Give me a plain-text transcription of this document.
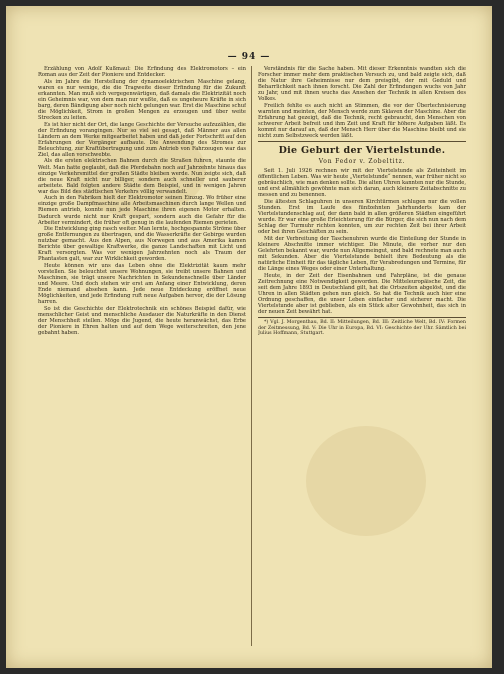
— 94 —

Erzählung von Adolf Kußmaul: Die Erfindung des Elektromotors – ein Roman aus der Zeit der Pioniere und Entdecker.

Als im Jahre die Herstellung der dynamoelektrischen Maschine gelang, waren es nur wenige, die die Tragweite dieser Erfindung für die Zukunft erkannten. Man muß sich vergegenwärtigen, daß damals die Elektrizität noch ein Geheimnis war, von dem man nur wußte, daß es ungeheure Kräfte in sich barg, deren Bändigung aber noch nicht gelungen war. Erst die Maschine schuf die Möglichkeit, Strom in großen Mengen zu erzeugen und über weite Strecken zu leiten.

Es ist hier nicht der Ort, die lange Geschichte der Versuche aufzuzählen, die der Erfindung vorangingen. Nur so viel sei gesagt, daß Männer aus allen Ländern an dem Werke mitgearbeitet haben und daß jeder Fortschritt auf den Erfahrungen der Vorgänger aufbaute. Die Anwendung des Stromes zur Beleuchtung, zur Kraftübertragung und zum Antrieb von Fahrzeugen war das Ziel, das allen vorschwebte.

Als die ersten elektrischen Bahnen durch die Straßen fuhren, staunte die Welt. Man hatte geglaubt, daß die Pferdebahn noch auf Jahrzehnte hinaus das einzige Verkehrsmittel der großen Städte bleiben werde. Nun zeigte sich, daß die neue Kraft nicht nur billiger, sondern auch schneller und sauberer arbeitete. Bald folgten andere Städte dem Beispiel, und in wenigen Jahren war das Bild des städtischen Verkehrs völlig verwandelt.

Auch in den Fabriken hielt der Elektromotor seinen Einzug. Wo früher eine einzige große Dampfmaschine alle Arbeitsmaschinen durch lange Wellen und Riemen antrieb, konnte nun jede Maschine ihren eigenen Motor erhalten. Dadurch wurde nicht nur Kraft gespart, sondern auch die Gefahr für die Arbeiter vermindert, die früher oft genug in die laufenden Riemen gerieten.

Die Entwicklung ging rasch weiter. Man lernte, hochgespannte Ströme über große Entfernungen zu übertragen, und die Wasserkräfte der Gebirge wurden nutzbar gemacht. Aus den Alpen, aus Norwegen und aus Amerika kamen Berichte über gewaltige Kraftwerke, die ganze Landschaften mit Licht und Kraft versorgten. Was vor wenigen Jahrzehnten noch als Traum der Phantasten galt, war zur Wirklichkeit geworden.

Heute können wir uns das Leben ohne die Elektrizität kaum mehr vorstellen. Sie beleuchtet unsere Wohnungen, sie treibt unsere Bahnen und Maschinen, sie trägt unsere Nachrichten in Sekundenschnelle über Länder und Meere. Und doch stehen wir erst am Anfang einer Entwicklung, deren Ende niemand absehen kann. Jede neue Entdeckung eröffnet neue Möglichkeiten, und jede Erfindung ruft neue Aufgaben hervor, die der Lösung harren.

So ist die Geschichte der Elektrotechnik ein schönes Beispiel dafür, wie menschlicher Geist und menschliche Ausdauer die Naturkräfte in den Dienst der Menschheit stellen. Möge die Jugend, die heute heranwächst, das Erbe der Pioniere in Ehren halten und auf dem Wege weiterschreiten, den jene gebahnt haben.

Verständnis für die Sache haben. Mit dieser Erkenntnis wandten sich die Forscher immer mehr dem praktischen Versuch zu, und bald zeigte sich, daß die Natur ihre Geheimnisse nur dem preisgibt, der mit Geduld und Beharrlichkeit nach ihnen forscht. Die Zahl der Erfindungen wuchs von Jahr zu Jahr, und mit ihnen wuchs das Ansehen der Technik in allen Kreisen des Volkes.

Freilich fehlte es auch nicht an Stimmen, die vor der Übertechnisierung warnten und meinten, der Mensch werde zum Sklaven der Maschine. Aber die Erfahrung hat gezeigt, daß die Technik, recht gebraucht, den Menschen von schwerer Arbeit befreit und ihm Zeit und Kraft für höhere Aufgaben läßt. Es kommt nur darauf an, daß der Mensch Herr über die Maschine bleibt und sie nicht zum Selbstzweck werden läßt.

Die Geburt der Viertelstunde.
Von Fedor v. Zobeltitz.

Seit 1. Juli 1926 rechnen wir mit der Viertelstunde als Zeiteinheit im öffentlichen Leben. Was wir heute „Viertelstunde“ nennen, war früher nicht so gebräuchlich, wie man denken sollte. Die alten Uhren kannten nur die Stunde, und erst allmählich gewöhnte man sich daran, auch kleinere Zeitabschnitte zu messen und zu benennen.

Die ältesten Schlaguhren in unseren Kirchtürmen schlugen nur die vollen Stunden. Erst im Laufe des fünfzehnten Jahrhunderts kam der Viertelstundenschlag auf, der dann bald in allen größeren Städten eingeführt wurde. Er war eine große Erleichterung für die Bürger, die sich nun nach dem Schlag der Turmuhr richten konnten, um zur rechten Zeit bei ihrer Arbeit oder bei ihren Geschäften zu sein.

Mit der Verbreitung der Taschenuhren wurde die Einteilung der Stunde in kleinere Abschnitte immer wichtiger. Die Minute, die vorher nur den Gelehrten bekannt war, wurde nun Allgemeingut, und bald rechnete man auch mit Sekunden. Aber die Viertelstunde behielt ihre Bedeutung als die natürliche Einheit für das tägliche Leben, für Verabredungen und Termine, für die Länge eines Weges oder einer Unterhaltung.

Heute, in der Zeit der Eisenbahnen und Fahrpläne, ist die genaue Zeitrechnung eine Notwendigkeit geworden. Die Mitteleuropäische Zeit, die seit dem Jahre 1893 in Deutschland gilt, hat die Ortszeiten abgelöst, und die Uhren in allen Städten gehen nun gleich. So hat die Technik auch hier eine Ordnung geschaffen, die unser Leben einfacher und sicherer macht. Die Viertelstunde aber ist geblieben, als ein Stück alter Gewohnheit, das sich in der neuen Zeit bewährt hat.

*) Vgl. J. Morgenthau, Bd. II: Mitteilungen, Bd. III: Zeitliche Welt, Bd. IV: Formen der Zeitmessung, Bd. V: Die Uhr in Europa, Bd. VI: Geschichte der Uhr. Sämtlich bei Julius Hoffmann, Stuttgart.
